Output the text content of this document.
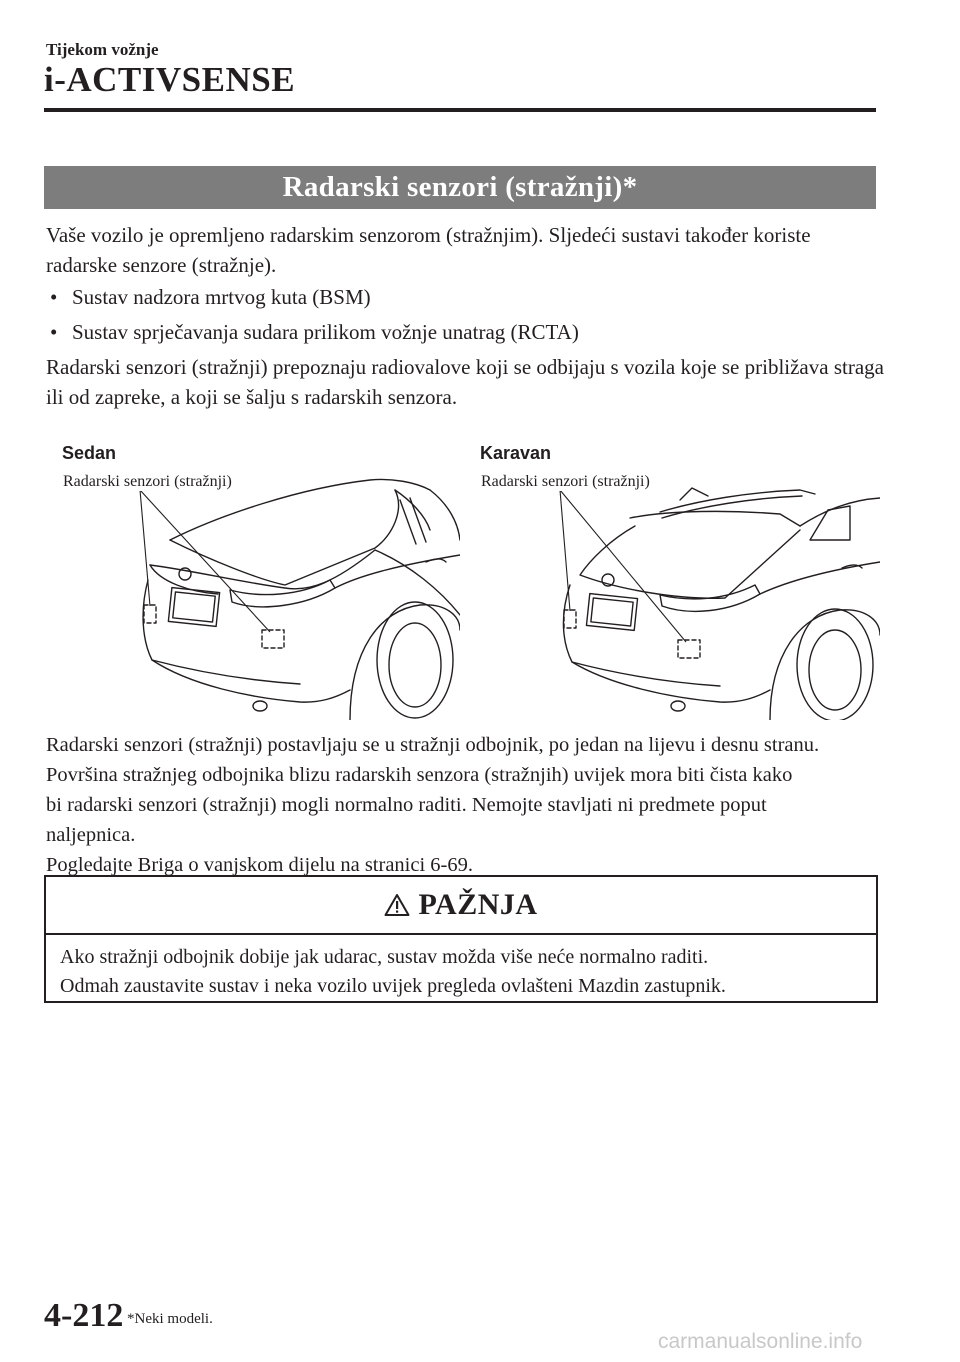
Tijekom vožnje
i-ACTIVSENSE
Radarski senzori (stražnji)*
Vaše vozilo je opremljeno radarskim senzorom (stražnjim). Sljedeći sustavi također koriste radarske senzore (stražnje).
• Sustav nadzora mrtvog kuta (BSM)
• Sustav sprječavanja sudara prilikom vožnje unatrag (RCTA)
Radarski senzori (stražnji) prepoznaju radiovalove koji se odbijaju s vozila koje se približava straga ili od zapreke, a koji se šalju s radarskih senzora.
Sedan	Karavan
Radarski senzori (stražnji)	Radarski senzori (stražnji)
Radarski senzori (stražnji) postavljaju se u stražnji odbojnik, po jedan na lijevu i desnu stranu.
Površina stražnjeg odbojnika blizu radarskih senzora (stražnjih) uvijek mora biti čista kako
bi radarski senzori (stražnji) mogli normalno raditi. Nemojte stavljati ni predmete poput
naljepnica.
Pogledajte Briga o vanjskom dijelu na stranici 6-69.
PAŽNJA
Ako stražnji odbojnik dobije jak udarac, sustav možda više neće normalno raditi.
Odmah zaustavite sustav i neka vozilo uvijek pregleda ovlašteni Mazdin zastupnik.
4-212 *Neki modeli.
carmanualsonline.info
